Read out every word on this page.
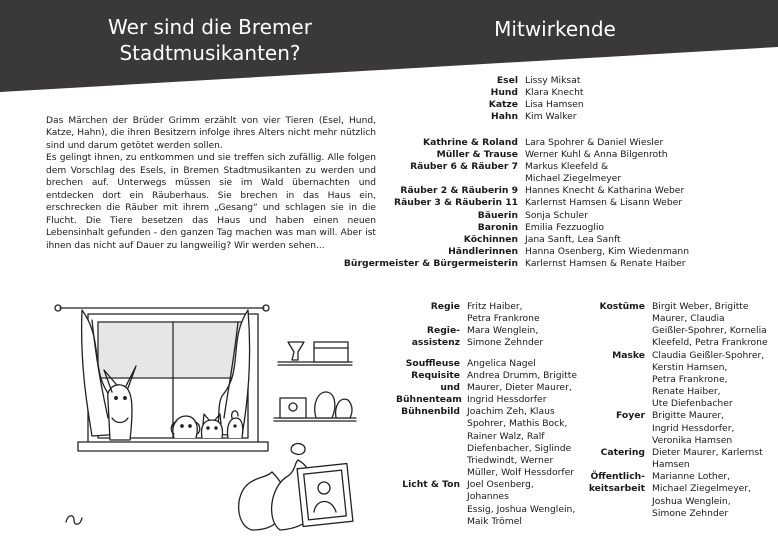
Wer sind die Bremer
Stadtmusikanten?
Mitwirkende

Das Märchen der Brüder Grimm erzählt von vier Tieren (Esel, Hund, Katze, Hahn), die ihren Besitzern infolge ihres Alters nicht mehr nützlich sind und darum getötet werden sollen.

Es gelingt ihnen, zu entkommen und sie treffen sich zufällig. Alle folgen dem Vorschlag des Esels, in Bremen Stadtmusikanten zu werden und brechen auf. Unterwegs müssen sie im Wald übernachten und entdecken dort ein Räuberhaus. Sie brechen in das Haus ein, erschrecken die Räuber mit ihrem „Gesang“ und schlagen sie in die Flucht. Die Tiere besetzen das Haus und haben einen neuen Lebensinhalt gefunden - den ganzen Tag machen was man will. Aber ist ihnen das nicht auf Dauer zu langweilig? Wir werden sehen...

Esel Lissy Miksat
Hund Klara Knecht
Katze Lisa Hamsen
Hahn Kim Walker
Kathrine & Roland Lara Spohrer & Daniel Wiesler
Müller & Trause Werner Kuhl & Anna Bilgenroth
Räuber 6 & Räuber 7 Markus Kleefeld &
Michael Ziegelmeyer
Räuber 2 & Räuberin 9 Hannes Knecht & Katharina Weber
Räuber 3 & Räuberin 11 Karlernst Hamsen & Lisann Weber
Bäuerin Sonja Schuler
Baronin Emilia Fezzuoglio
Köchinnen Jana Sanft, Lea Sanft
Händlerinnen Hanna Osenberg, Kim Wiedenmann
Bürgermeister & Bürgermeisterin Karlernst Hamsen & Renate Haiber
Regie Fritz Haiber,
Petra Frankrone
Regie- Mara Wenglein,
assistenz Simone Zehnder
Souffleuse Angelica Nagel
Requisite Andrea Drumm, Brigitte
und Maurer, Dieter Maurer,
Bühnenteam Ingrid Hessdorfer
Bühnenbild Joachim Zeh, Klaus
Spohrer, Mathis Bock,
Rainer Walz, Ralf
Diefenbacher, Siglinde
Triedwindt, Werner
Müller, Wolf Hessdorfer
Licht & Ton Joel Osenberg, Johannes
Essig, Joshua Wenglein,
Maik Trömel
Kostüme Birgit Weber, Brigitte
Maurer, Claudia
Geißler-Spohrer, Kornelia
Kleefeld, Petra Frankrone
Maske Claudia Geißler-Spohrer,
Kerstin Hamsen,
Petra Frankrone,
Renate Haiber,
Ute Diefenbacher
Foyer Brigitte Maurer,
Ingrid Hessdorfer,
Veronika Hamsen
Catering Dieter Maurer, Karlernst
Hamsen
Öffentlich- Marianne Lother,
keitsarbeit Michael Ziegelmeyer,
Joshua Wenglein,
Simone Zehnder
